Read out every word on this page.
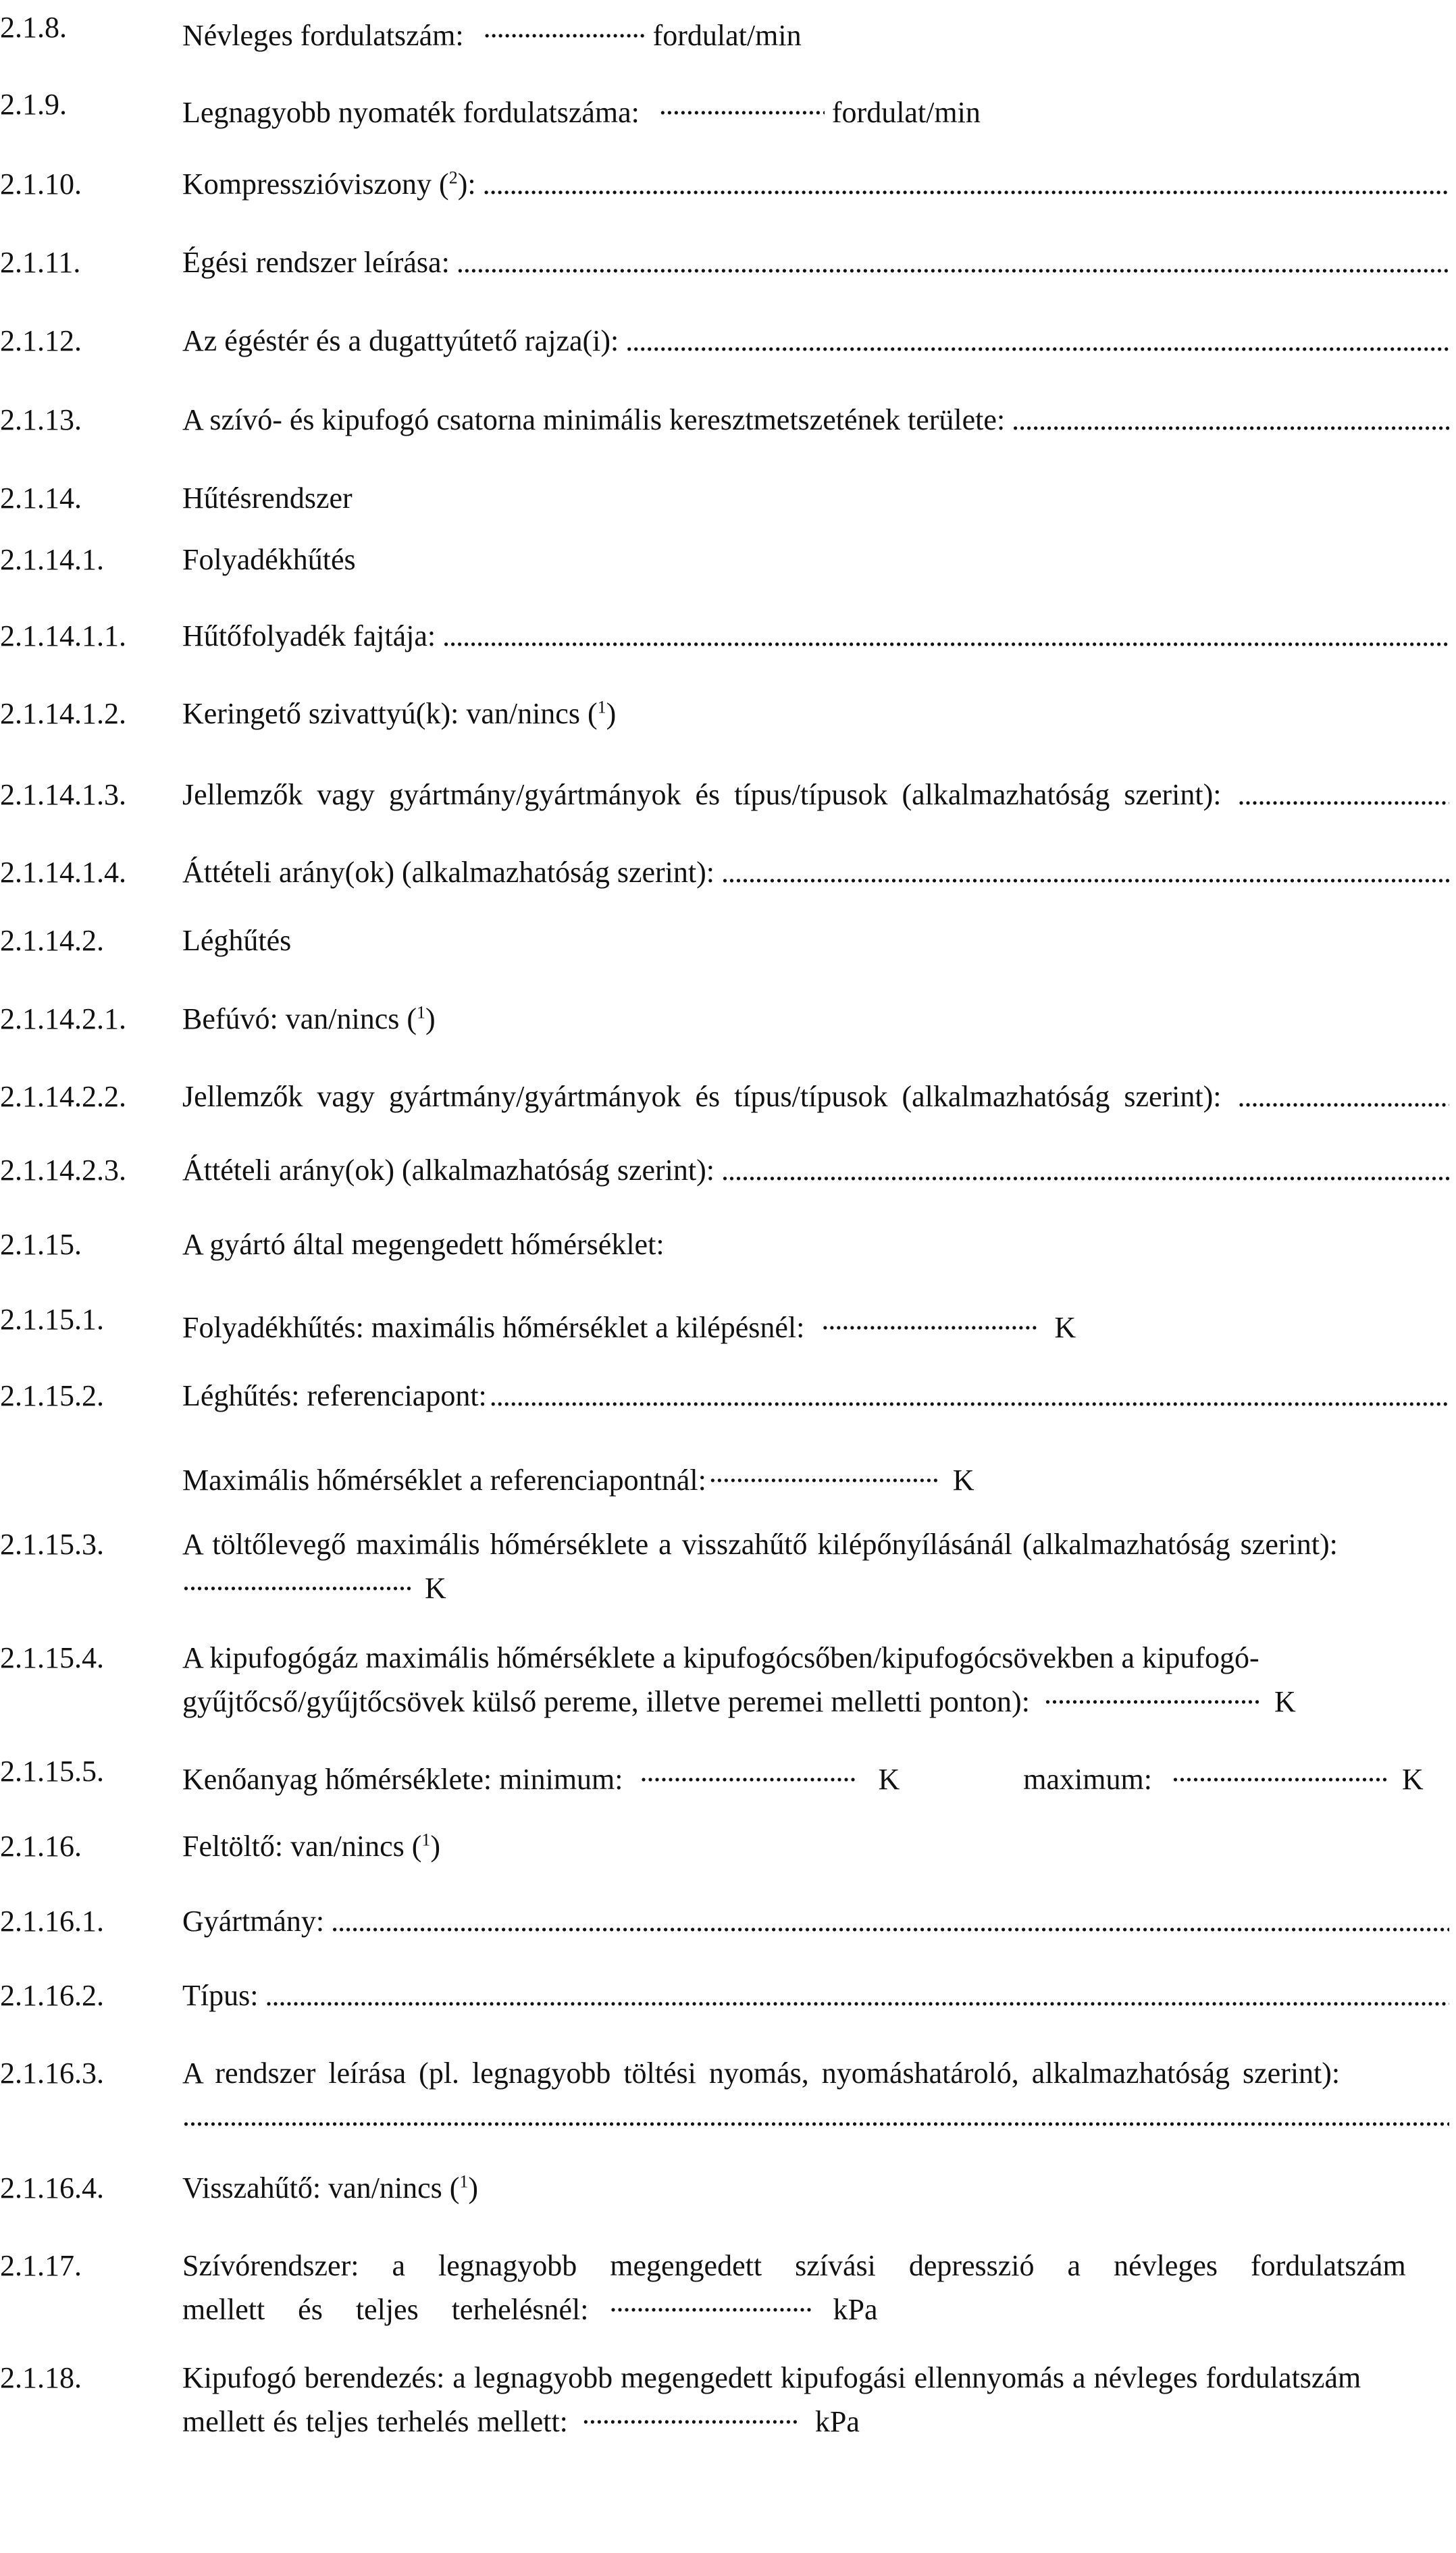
2.1.8.	Névleges fordulatszám: .....	fordulat/min
2.1.9.	Legnagyobb nyomaték fordulatszáma: .....	fordulat/min
2.1.10.	Kompresszióviszony ($^2$):
.....
2.1.11.	Égési rendszer leírása:
.....
2.1.12.	Az égéstér és a dugattyútető rajza(i):
.....
2.1.13.	A szívó- és kipufogó csatorna minimális keresztmetszetének területe:
.....
2.1.14.	Hűtésrendszer
2.1.14.1.	Folyadékhűtés
2.1.14.1.1. Hűtőfolyadék fajtája:
.....
2.1.14.1.2. Keringető szivattyú(k): van/nincs ($^1$)
2.1.14.1.3. Jellemzők vagy gyártmány/gyártmányok és típus/típusok (alkalmazhatóság szerint):
.....
2.1.14.1.4. Áttételi arány(ok) (alkalmazhatóság szerint):
.....
2.1.14.2.	Léghűtés
2.1.14.2.1. Befúvó: van/nincs ($^1$)
2.1.14.2.2. Jellemzők vagy gyártmány/gyártmányok és típus/típusok (alkalmazhatóság szerint):
.....
2.1.14.2.3. Áttételi arány(ok) (alkalmazhatóság szerint):
.....
2.1.15.	A gyártó által megengedett hőmérséklet:
2.1.15.1.	Folyadékhűtés: maximális hőmérséklet a kilépésnél: .....	K
2.1.15.2.	Léghűtés: referenciapont:
.....
Maximális hőmérséklet a referenciapontnál: .....	K
2.1.15.3.	A töltőlevegő maximális hőmérséklete a visszahűtő kilépőnyílásánál (alkalmazhatóság szerint):
..... K
2.1.15.4.	A kipufogógáz maximális hőmérséklete a kipufogócsőben/kipufogócsövekben a kipufogó-gyűjtőcső/gyűjtőcsövek külső pereme, illetve peremei melletti ponton): .....	K
2.1.15.5.	Kenőanyag hőmérséklete: minimum: .....	K	maximum: .....	K
2.1.16.	Feltöltő: van/nincs ($^1$)
2.1.16.1.	Gyártmány:
.....
2.1.16.2.	Típus:
.....
2.1.16.3.	A rendszer leírása (pl. legnagyobb töltési nyomás, nyomáshatároló, alkalmazhatóság szerint):
.....
2.1.16.4.	Visszahűtő: van/nincs ($^1$)
2.1.17.	Szívórendszer: a legnagyobb megengedett szívási depresszió a névleges fordulatszám mellett és teljes terhelésnél: .....	kPa
2.1.18.	Kipufogó berendezés: a legnagyobb megengedett kipufogási ellennyomás a névleges fordulatszám mellett és teljes terhelés mellett: .....	kPa
